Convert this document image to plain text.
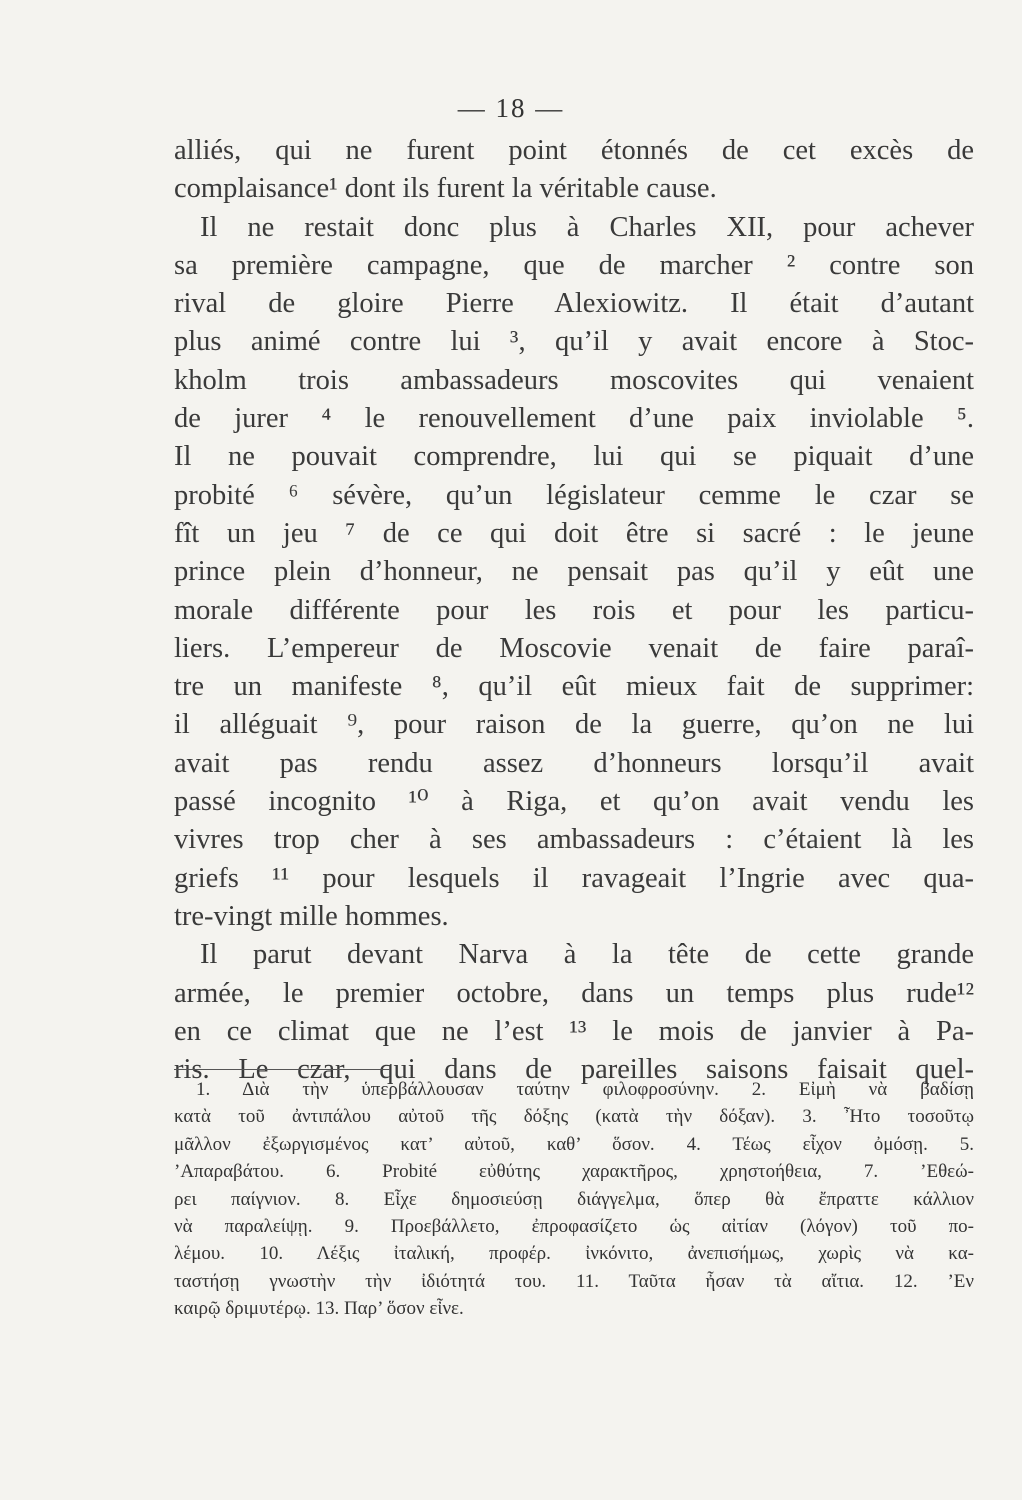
— 18 —
alliés, qui ne furent point étonnés de cet excès de
complaisance¹ dont ils furent la véritable cause.
Il ne restait donc plus à Charles XII, pour achever
sa première campagne, que de marcher ² contre son
rival de gloire Pierre Alexiowitz. Il était d’autant
plus animé contre lui ³, qu’il y avait encore à Stoc-
kholm trois ambassadeurs moscovites qui venaient
de jurer ⁴ le renouvellement d’une paix inviolable ⁵.
Il ne pouvait comprendre, lui qui se piquait d’une
probité ⁶ sévère, qu’un législateur cemme le czar se
fît un jeu ⁷ de ce qui doit être si sacré : le jeune
prince plein d’honneur, ne pensait pas qu’il y eût une
morale différente pour les rois et pour les particu-
liers. L’empereur de Moscovie venait de faire paraî-
tre un manifeste ⁸, qu’il eût mieux fait de supprimer:
il alléguait ⁹, pour raison de la guerre, qu’on ne lui
avait pas rendu assez d’honneurs lorsqu’il avait
passé incognito ¹⁰ à Riga, et qu’on avait vendu les
vivres trop cher à ses ambassadeurs : c’étaient là les
griefs ¹¹ pour lesquels il ravageait l’Ingrie avec qua-
tre-vingt mille hommes.
Il parut devant Narva à la tête de cette grande
armée, le premier octobre, dans un temps plus rude¹²
en ce climat que ne l’est ¹³ le mois de janvier à Pa-
ris. Le czar, qui dans de pareilles saisons faisait quel-
1. Διὰ τὴν ὑπερβάλλουσαν ταύτην φιλοφροσύνην. 2. Εἰμὴ νὰ βαδίσῃ
κατὰ τοῦ ἀντιπάλου αὐτοῦ τῆς δόξης (κατὰ τὴν δόξαν). 3. Ἦτο τοσοῦτῳ
μᾶλλον ἐξωργισμένος κατ’ αὐτοῦ, καθ’ ὅσον. 4. Τέως εἶχον ὀμόσῃ. 5.
’Απαραβάτου. 6. Probité εὐθύτης χαρακτῆρος, χρηστοήθεια, 7. ’Εθεώ-
ρει παίγνιον. 8. Εἶχε δημοσιεύσῃ διάγγελμα, ὅπερ θὰ ἔπραττε κάλλιον
νὰ παραλείψῃ. 9. Προεβάλλετο, ἐπροφασίζετο ὡς αἰτίαν (λόγον) τοῦ πο-
λέμου. 10. Λέξις ἰταλική, προφέρ. ἰνκόνιτο, ἀνεπισήμως, χωρὶς νὰ κα-
ταστήσῃ γνωστὴν τὴν ἰδιότητά του. 11. Ταῦτα ἦσαν τὰ αἴτια. 12. ’Εν
καιρῷ δριμυτέρῳ. 13. Παρ’ ὅσον εἶνε.
